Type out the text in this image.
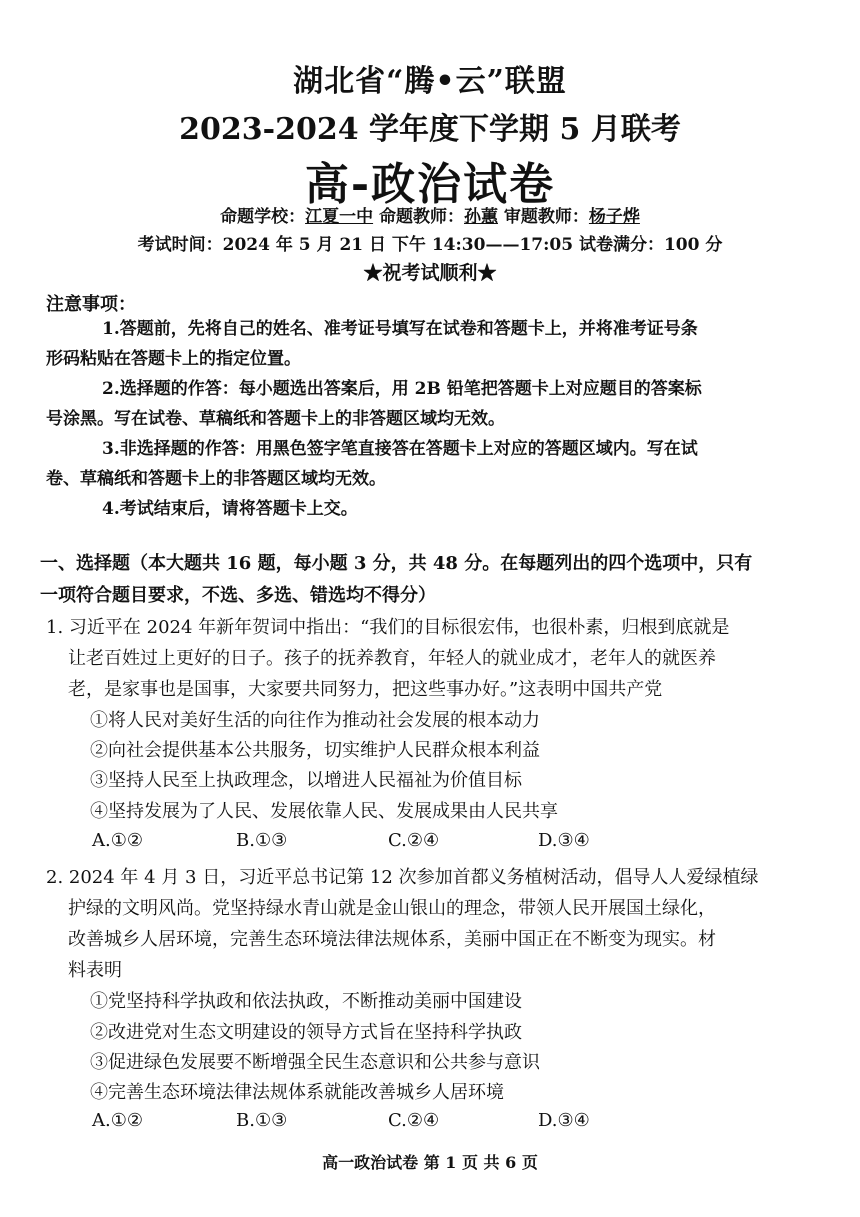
湖北省“腾•云”联盟
2023-2024 学年度下学期 5 月联考
高-政治试卷
命题学校：江夏一中 命题教师：孙蕙 审题教师：杨子烨
考试时间：2024 年 5 月 21 日 下午 14:30——17:05 试卷满分：100 分
★祝考试顺利★
注意事项：
1.答题前，先将自己的姓名、准考证号填写在试卷和答题卡上，并将准考证号条
形码粘贴在答题卡上的指定位置。
2.选择题的作答：每小题选出答案后，用 2B 铅笔把答题卡上对应题目的答案标
号涂黑。写在试卷、草稿纸和答题卡上的非答题区域均无效。
3.非选择题的作答：用黑色签字笔直接答在答题卡上对应的答题区域内。写在试
卷、草稿纸和答题卡上的非答题区域均无效。
4.考试结束后，请将答题卡上交。
一、选择题（本大题共 16 题，每小题 3 分，共 48 分。在每题列出的四个选项中，只有
一项符合题目要求，不选、多选、错选均不得分）
1. 习近平在 2024 年新年贺词中指出：“我们的目标很宏伟，也很朴素，归根到底就是
让老百姓过上更好的日子。孩子的抚养教育，年轻人的就业成才，老年人的就医养
老，是家事也是国事，大家要共同努力，把这些事办好。”这表明中国共产党
①将人民对美好生活的向往作为推动社会发展的根本动力
②向社会提供基本公共服务，切实维护人民群众根本利益
③坚持人民至上执政理念，以增进人民福祉为价值目标
④坚持发展为了人民、发展依靠人民、发展成果由人民共享
A.①②	B.①③	C.②④	D.③④
2. 2024 年 4 月 3 日，习近平总书记第 12 次参加首都义务植树活动，倡导人人爱绿植绿
护绿的文明风尚。党坚持绿水青山就是金山银山的理念，带领人民开展国土绿化，
改善城乡人居环境，完善生态环境法律法规体系，美丽中国正在不断变为现实。材
料表明
①党坚持科学执政和依法执政，不断推动美丽中国建设
②改进党对生态文明建设的领导方式旨在坚持科学执政
③促进绿色发展要不断增强全民生态意识和公共参与意识
④完善生态环境法律法规体系就能改善城乡人居环境
A.①②	B.①③	C.②④	D.③④
高一政治试卷 第 1 页 共 6 页
